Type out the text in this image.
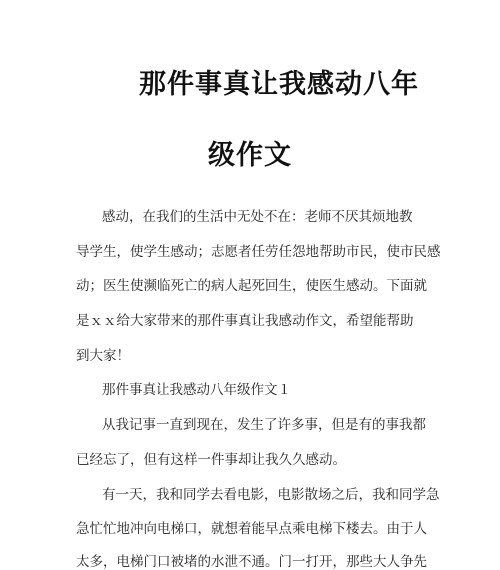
那件事真让我感动八年
级作文
感动，在我们的生活中无处不在：老师不厌其烦地教
导学生，使学生感动；志愿者任劳任怨地帮助市民，使市民感
动；医生使濒临死亡的病人起死回生，使医生感动。下面就
是ｘｘ给大家带来的那件事真让我感动作文，希望能帮助
到大家！
那件事真让我感动八年级作文１
从我记事一直到现在，发生了许多事，但是有的事我都
已经忘了，但有这样一件事却让我久久感动。
有一天，我和同学去看电影，电影散场之后，我和同学急
急忙忙地冲向电梯口，就想着能早点乘电梯下楼去。由于人
太多，电梯门口被堵的水泄不通。门一打开，那些大人争先
